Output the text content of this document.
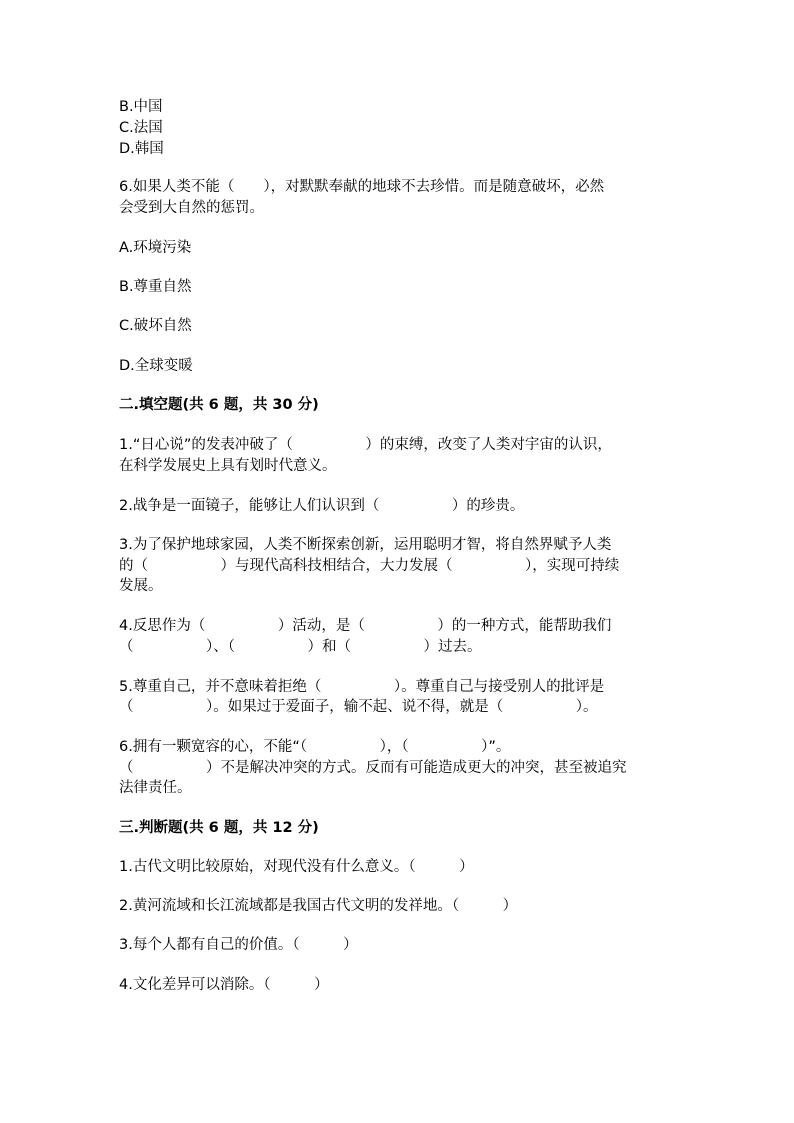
B.中国
C.法国
D.韩国
6.如果人类不能（　　），对默默奉献的地球不去珍惜。而是随意破坏，必然
会受到大自然的惩罚。
A.环境污染
B.尊重自然
C.破坏自然
D.全球变暖
二.填空题(共 6 题，共 30 分)
1.“日心说”的发表冲破了（　　　　　）的束缚，改变了人类对宇宙的认识，
在科学发展史上具有划时代意义。
2.战争是一面镜子，能够让人们认识到（　　　　　）的珍贵。
3.为了保护地球家园，人类不断探索创新，运用聪明才智，将自然界赋予人类
的（　　　　　）与现代高科技相结合，大力发展（　　　　　），实现可持续
发展。
4.反思作为（　　　　　）活动，是（　　　　　）的一种方式，能帮助我们
（　　　　　）、（　　　　　）和（　　　　　）过去。
5.尊重自己，并不意味着拒绝（　　　　　）。尊重自己与接受别人的批评是
（　　　　　）。如果过于爱面子，输不起、说不得，就是（　　　　　）。
6.拥有一颗宽容的心，不能“（　　　　　），（　　　　　）”。
（　　　　　）不是解决冲突的方式。反而有可能造成更大的冲突，甚至被追究
法律责任。
三.判断题(共 6 题，共 12 分)
1.古代文明比较原始，对现代没有什么意义。（　　　）
2.黄河流域和长江流域都是我国古代文明的发祥地。（　　　）
3.每个人都有自己的价值。（　　　）
4.文化差异可以消除。（　　　）
